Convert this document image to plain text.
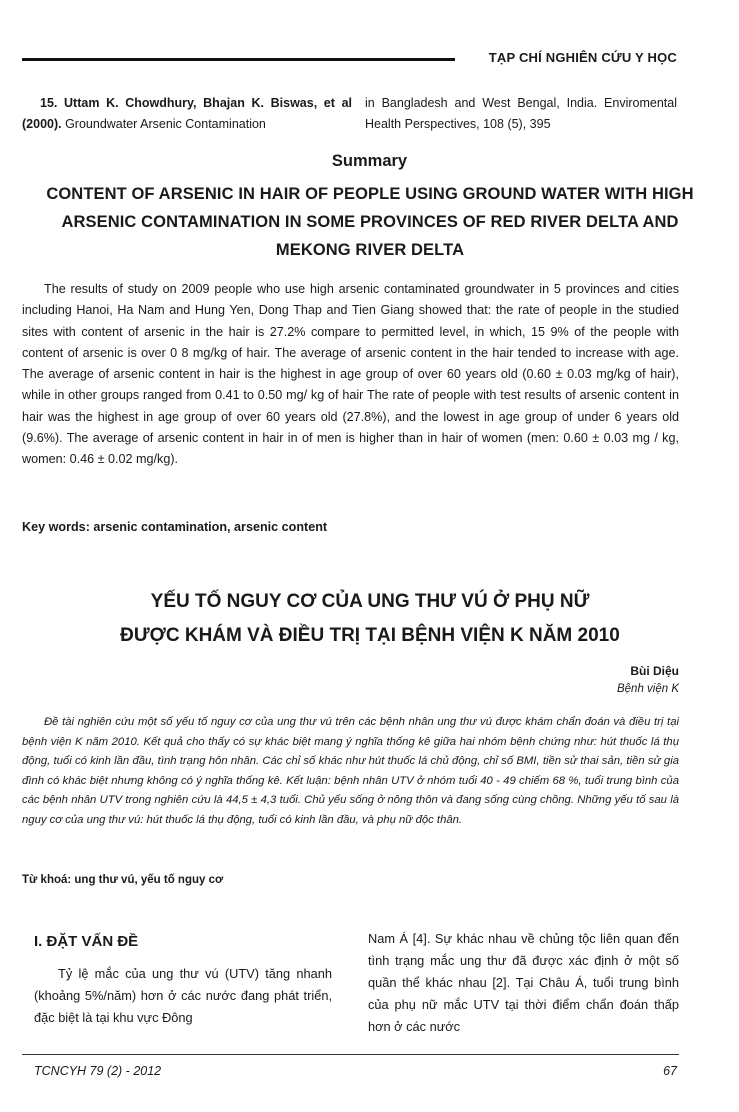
TẠP CHÍ NGHIÊN CỨU Y HỌC
15. Uttam K. Chowdhury, Bhajan K. Biswas, et al (2000). Groundwater Arsenic Contamination
in Bangladesh and West Bengal, India. Enviromental Health Perspectives, 108 (5), 395
Summary
CONTENT OF ARSENIC IN HAIR OF PEOPLE USING GROUND WATER WITH HIGH ARSENIC CONTAMINATION IN SOME PROVINCES OF RED RIVER DELTA AND MEKONG RIVER DELTA

The results of study on 2009 people who use high arsenic contaminated groundwater in 5 provinces and cities including Hanoi, Ha Nam and Hung Yen, Dong Thap and Tien Giang showed that: the rate of people in the studied sites with content of arsenic in the hair is 27.2% compare to permitted level, in which, 15 9% of the people with content of arsenic is over 0 8 mg/kg of hair. The average of arsenic content in the hair tended to increase with age. The average of arsenic content in hair is the highest in age group of over 60 years old (0.60 ± 0.03 mg/kg of hair), while in other groups ranged from 0.41 to 0.50 mg/ kg of hair The rate of people with test results of arsenic content in hair was the highest in age group of over 60 years old (27.8%), and the lowest in age group of under 6 years old (9.6%). The average of arsenic content in hair in of men is higher than in hair of women (men: 0.60 ± 0.03 mg / kg, women: 0.46 ± 0.02 mg/kg).

Key words: arsenic contamination, arsenic content
YẾU TỐ NGUY CƠ CỦA UNG THƯ VÚ Ở PHỤ NỮ
ĐƯỢC KHÁM VÀ ĐIỀU TRỊ TẠI BỆNH VIỆN K NĂM 2010
Bùi Diệu
Bệnh viện K

Đề tài nghiên cứu một số yếu tố nguy cơ của ung thư vú trên các bệnh nhân ung thư vú được khám chẩn đoán và điều trị tại bệnh viện K năm 2010. Kết quả cho thấy có sự khác biệt mang ý nghĩa thống kê giữa hai nhóm bệnh chứng như: hút thuốc lá thụ động, tuổi có kinh lần đầu, tình trạng hôn nhân. Các chỉ số khác như hút thuốc lá chủ động, chỉ số BMI, tiền sử thai sản, tiền sử gia đình có khác biệt nhưng không có ý nghĩa thống kê. Kết luận: bệnh nhân UTV ở nhóm tuổi 40 - 49 chiếm 68 %, tuổi trung bình của các bệnh nhân UTV trong nghiên cứu là 44,5 ± 4,3 tuổi. Chủ yếu sống ở nông thôn và đang sống cùng chồng. Những yếu tố sau là nguy cơ của ung thư vú: hút thuốc lá thụ động, tuổi có kinh lần đầu, và phụ nữ độc thân.

Từ khoá: ung thư vú, yếu tố nguy cơ
I. ĐẶT VẤN ĐỀ

Tỷ lệ mắc của ung thư vú (UTV) tăng nhanh (khoảng 5%/năm) hơn ở các nước đang phát triển, đặc biệt là tại khu vực Đông

Nam Á [4]. Sự khác nhau về chủng tộc liên quan đến tình trạng mắc ung thư đã được xác định ở một số quần thể khác nhau [2]. Tại Châu Á, tuổi trung bình của phụ nữ mắc UTV tại thời điểm chẩn đoán thấp hơn ở các nước

TCNCYH 79 (2) - 2012	67
